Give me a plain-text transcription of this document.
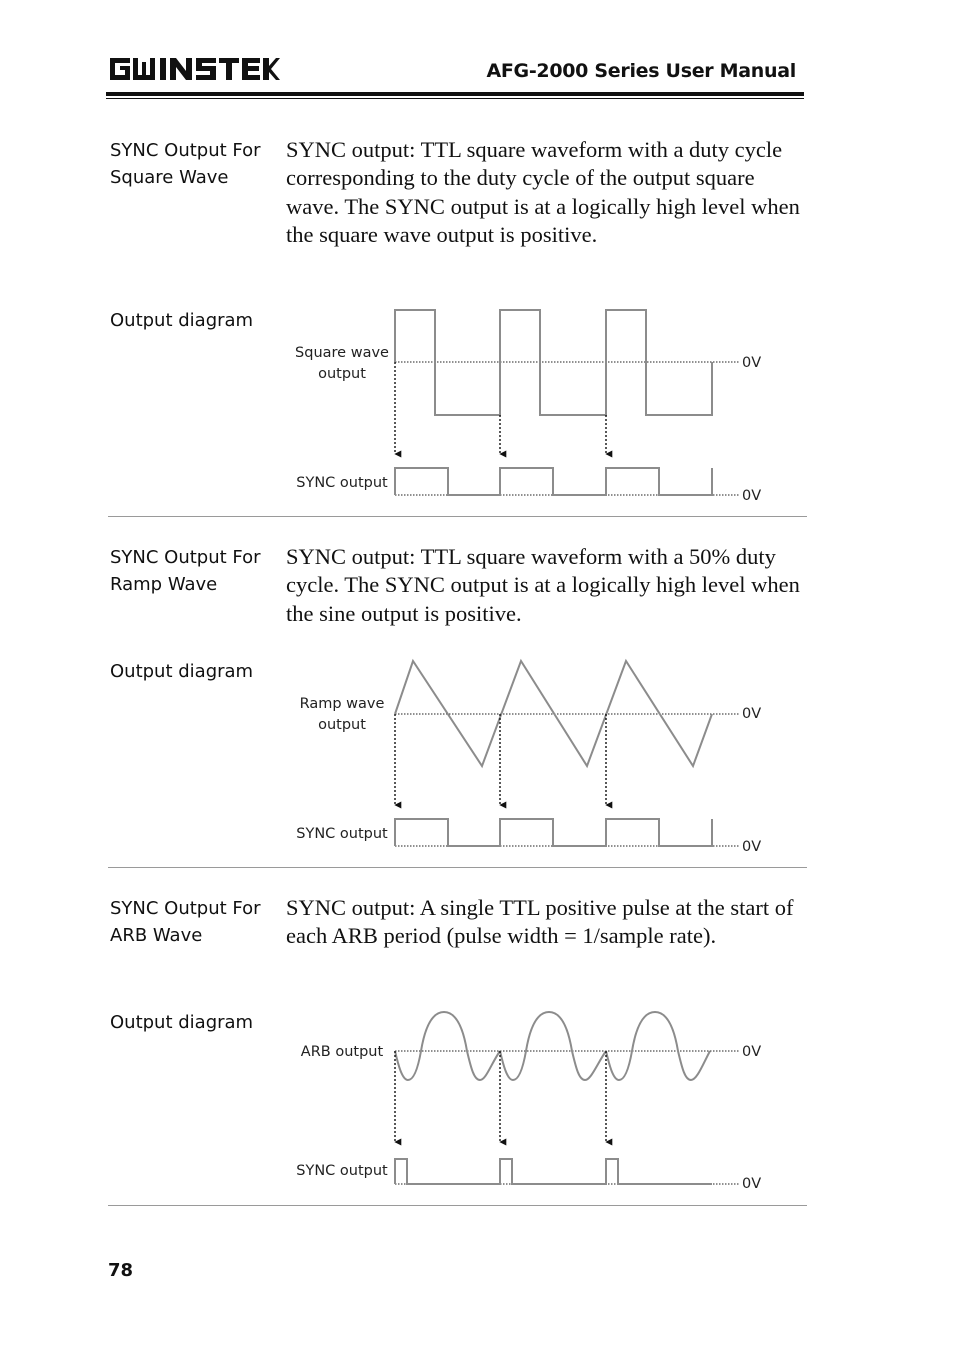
AFG-2000 Series User Manual
SYNC Output For
Square Wave
SYNC output: TTL square waveform with a duty cycle corresponding to the duty cycle of the output square wave. The SYNC output is at a logically high level when the square wave output is positive.
Output diagram
Square wave
output
0V
SYNC output
0V
SYNC Output For
Ramp Wave
SYNC output: TTL square waveform with a 50% duty cycle. The SYNC output is at a logically high level when the sine output is positive.
Output diagram
Ramp wave
output
0V
SYNC output
0V
SYNC Output For
ARB Wave
SYNC output: A single TTL positive pulse at the start of each ARB period (pulse width = 1/sample rate).
Output diagram
ARB output	0V
SYNC output
0V
78
